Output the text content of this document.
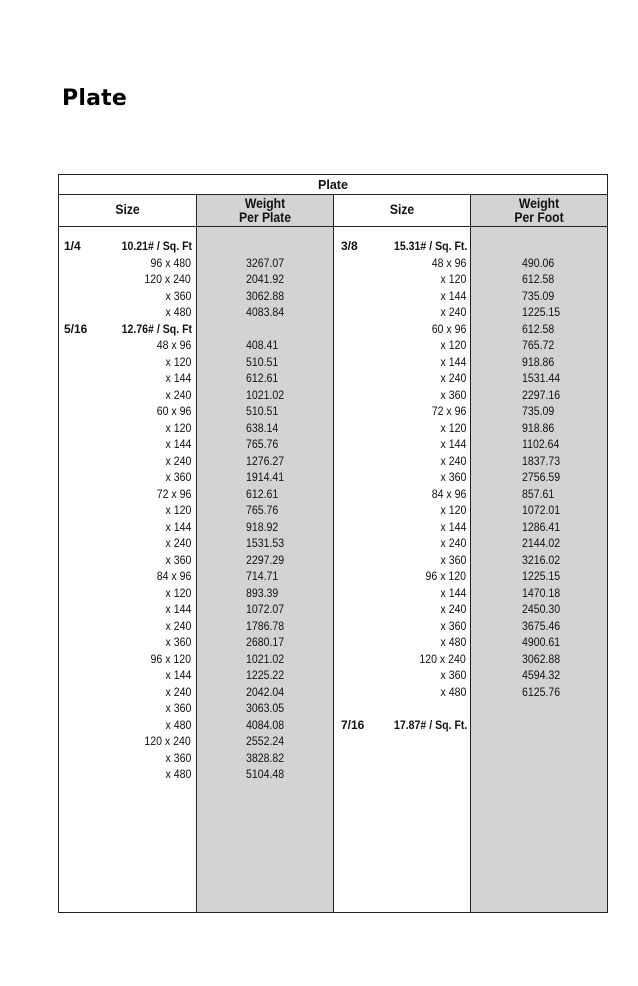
Plate
Plate
Size	Weight
Per Plate
Size	Weight
Per Foot
1/4	10.21# / Sq. Ft
96 x 480	3267.07
120 x 240	2041.92
x 360	3062.88
x 480	4083.84
5/16	12.76# / Sq. Ft
48 x 96	408.41
x 120	510.51
x 144	612.61
x 240	1021.02
60 x 96	510.51
x 120	638.14
x 144	765.76
x 240	1276.27
x 360	1914.41
72 x 96	612.61
x 120	765.76
x 144	918.92
x 240	1531.53
x 360	2297.29
84 x 96	714.71
x 120	893.39
x 144	1072.07
x 240	1786.78
x 360	2680.17
96 x 120	1021.02
x 144	1225.22
x 240	2042.04
x 360	3063.05
x 480	4084.08
120 x 240	2552.24
x 360	3828.82
x 480	5104.48
3/8	15.31# / Sq. Ft.
48 x 96	490.06
x 120	612.58
x 144	735.09
x 240	1225.15
60 x 96	612.58
x 120	765.72
x 144	918.86
x 240	1531.44
x 360	2297.16
72 x 96	735.09
x 120	918.86
x 144	1102.64
x 240	1837.73
x 360	2756.59
84 x 96	857.61
x 120	1072.01
x 144	1286.41
x 240	2144.02
x 360	3216.02
96 x 120	1225.15
x 144	1470.18
x 240	2450.30
x 360	3675.46
x 480	4900.61
120 x 240	3062.88
x 360	4594.32
x 480	6125.76
7/16	17.87# / Sq. Ft.
